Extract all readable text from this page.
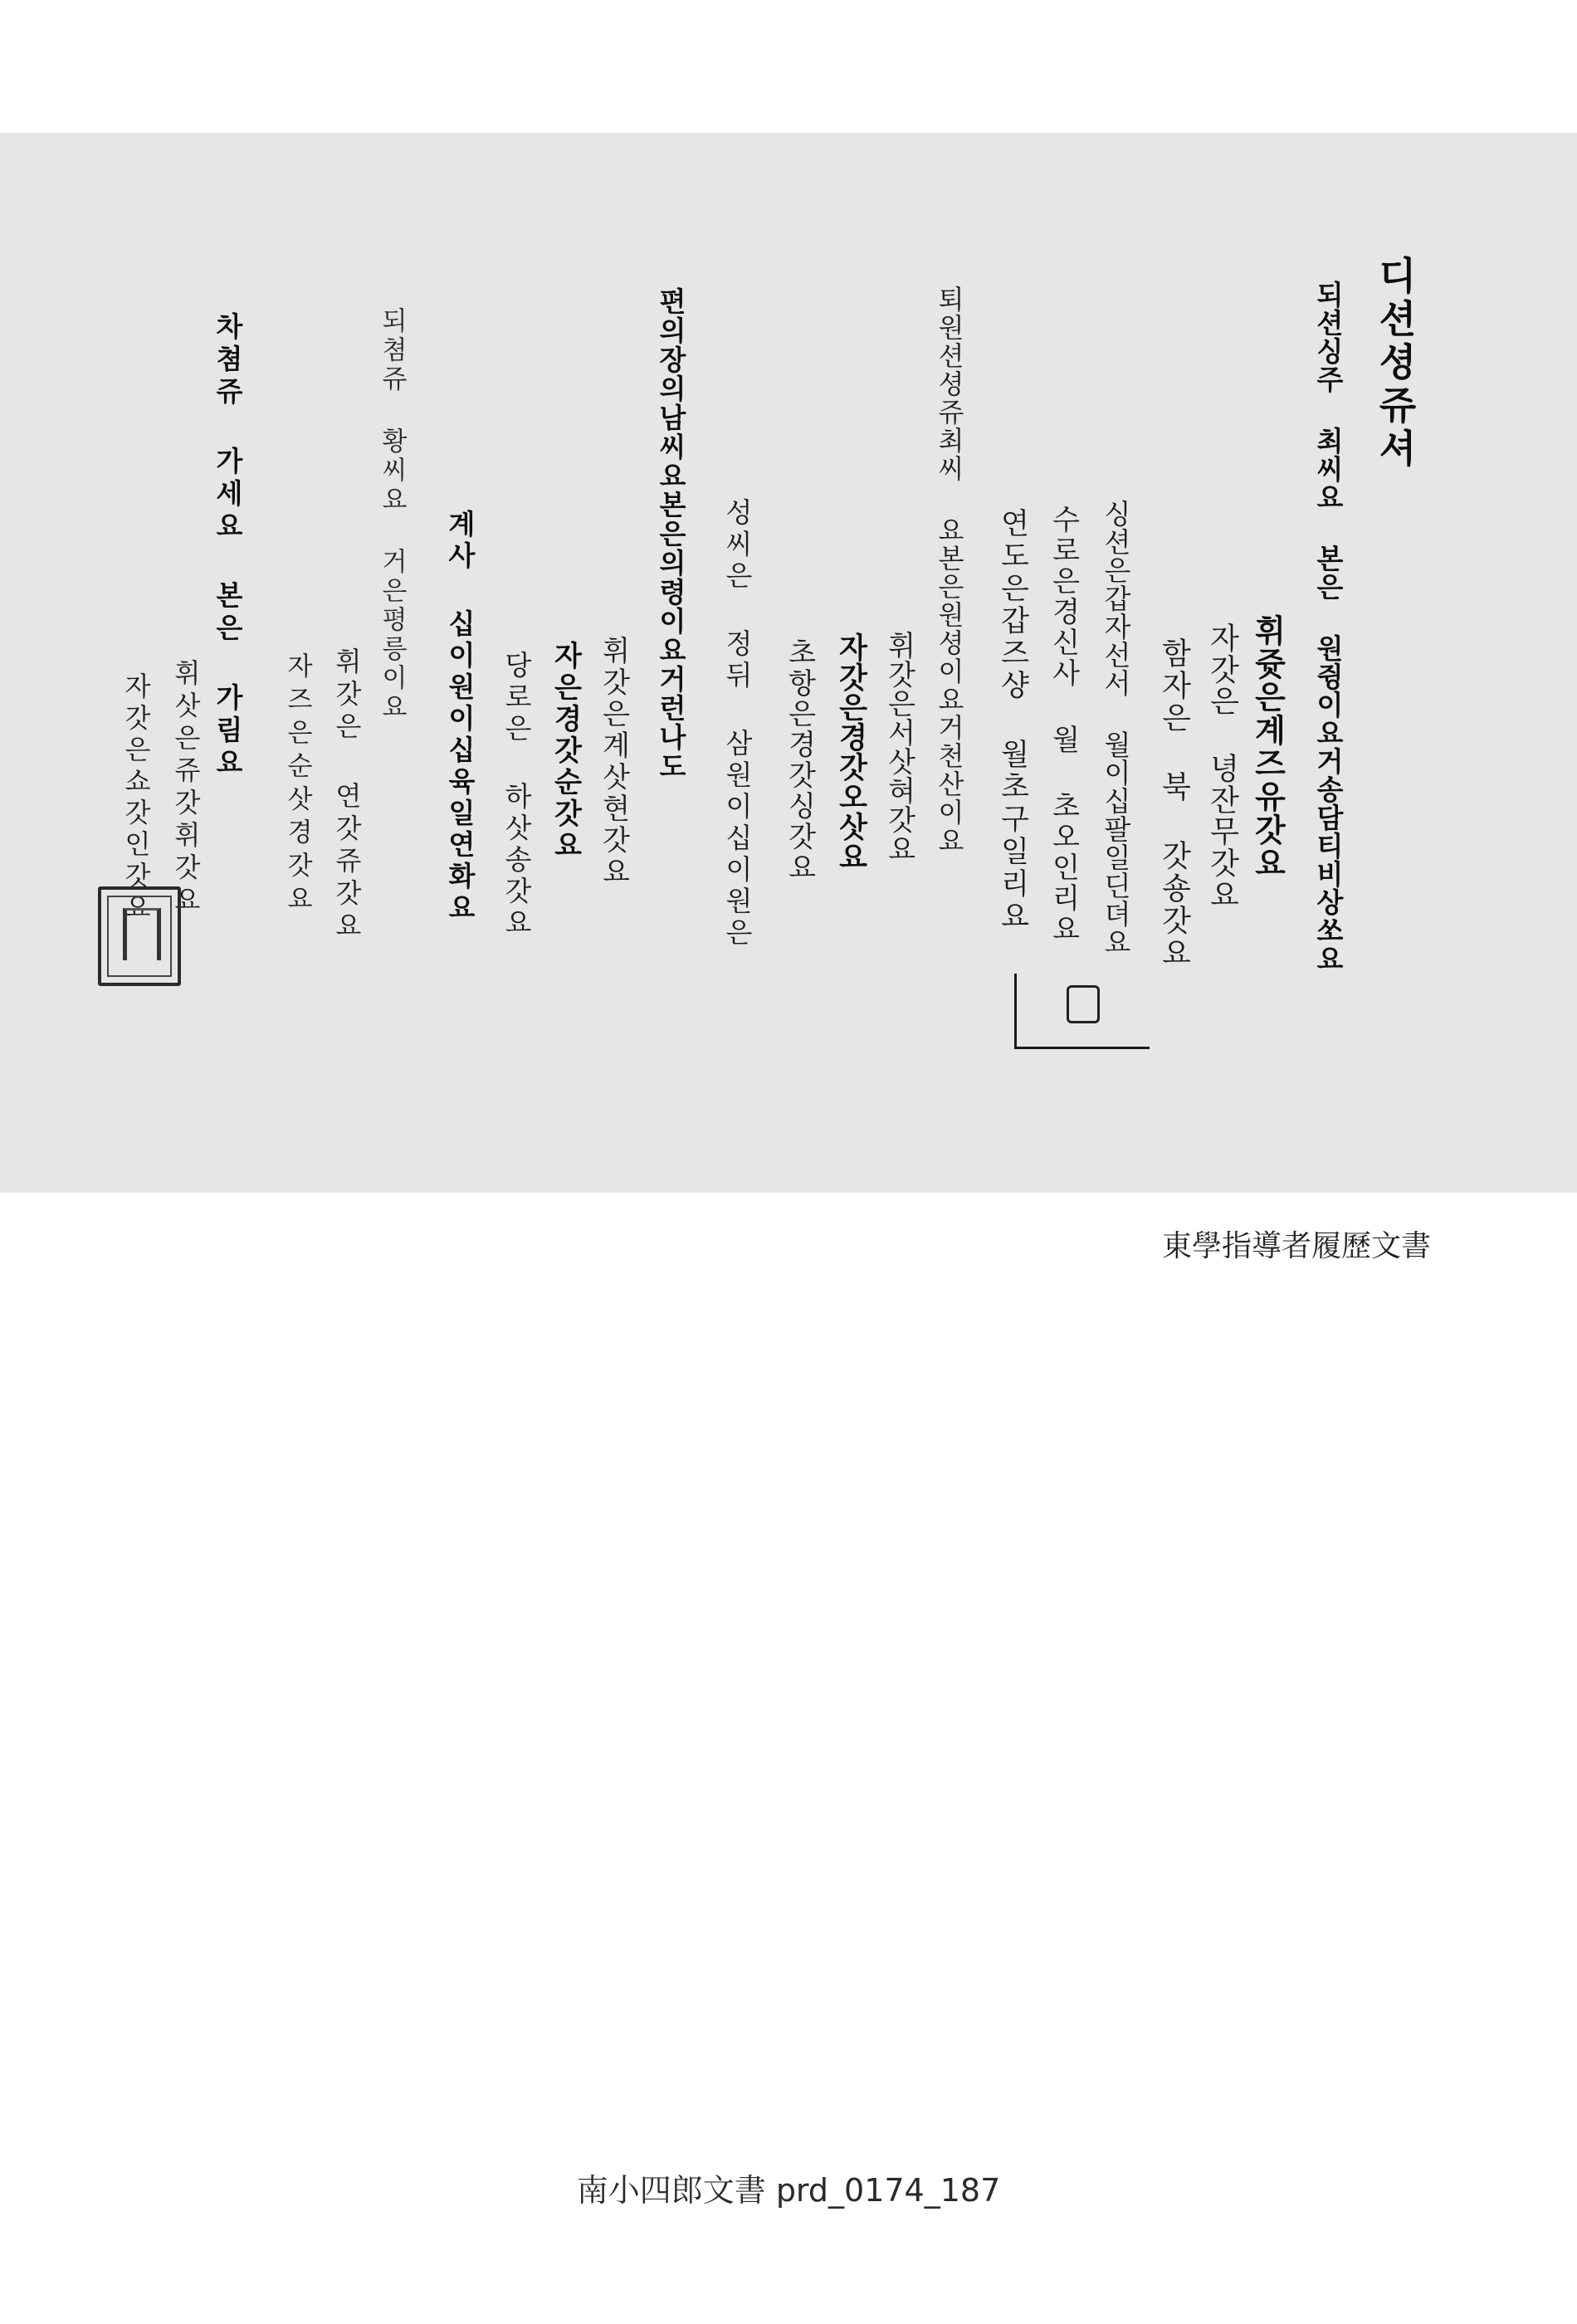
디션셩쥬셔
되션싱주 최씨요 본은 원쥥이요거송담티비상쏘요
휘쥿은계즈유갓요
자갓은 녕잔무갓요
함자은 북 갓숑갓요
싱션은갑자선서 월이십팔일딘뎌요
수로은경신사 월 초오인리요
연도은갑즈샹 월초구일리요
퇴원션셩쥬최씨 요본은원셩이요거천산이요
휘갓은서삿혀갓요
자갓은경갓오삿요
초항은경갓싱갓요
성씨은 정뒤 삼원이십이원은
편의장의남씨요본은의령이요거런나도
휘갓은계삿현갓요
자은경갓순갓요
당로은 하삿송갓요
계사 십이원이십육일연화요
되쳠쥬 황씨요 거은평릉이요
휘갓은 연갓쥬갓요
자즈은순삿경갓요
차쳠쥬 가세요 본은 가림요
휘삿은쥬갓휘갓요
자갓은쇼갓인갓요
東學指導者履歷文書
南小四郎文書 prd_0174_187
